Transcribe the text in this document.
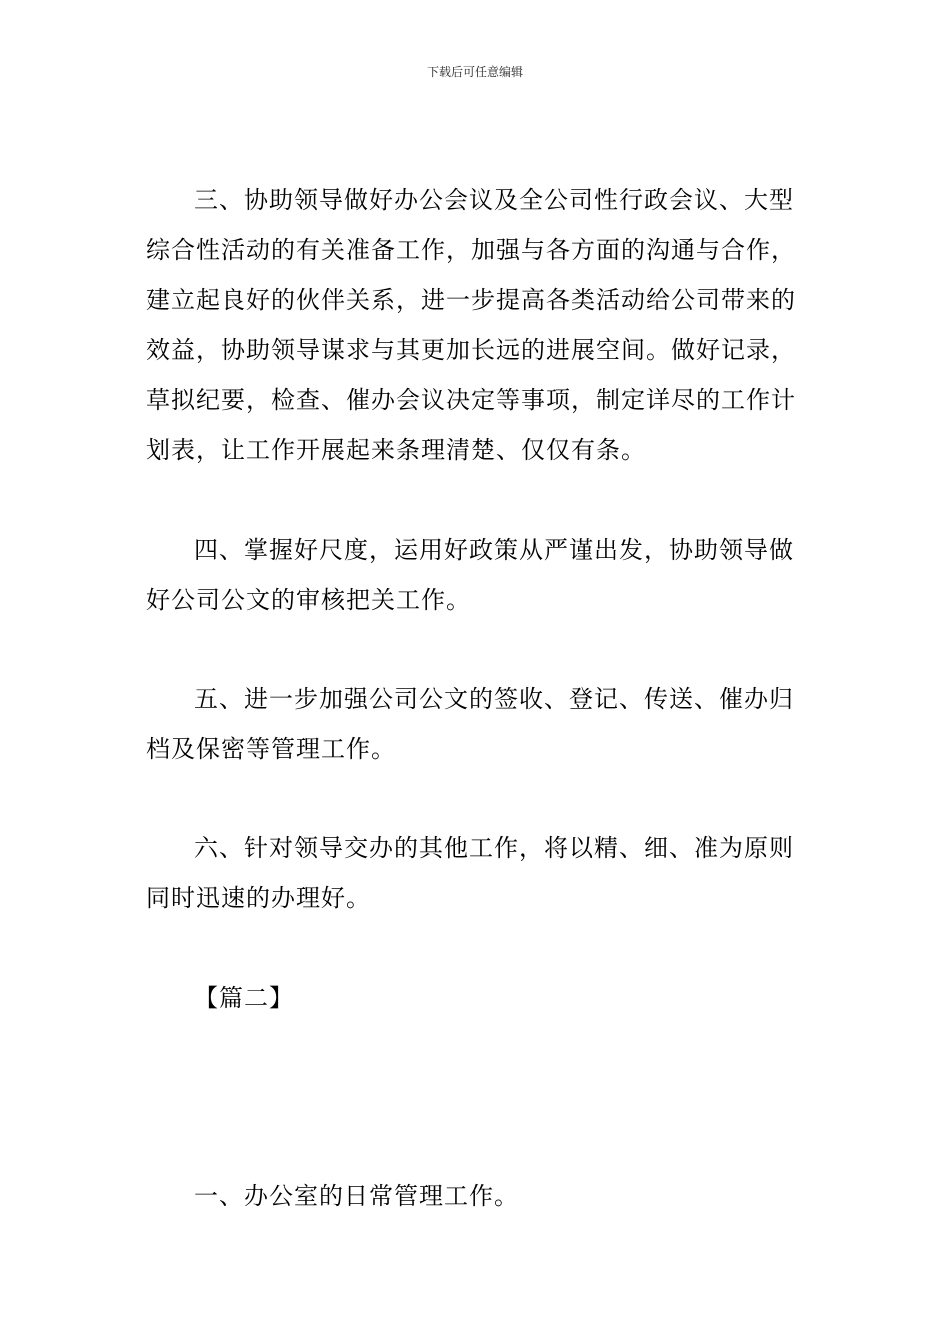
下载后可任意编辑

三、协助领导做好办公会议及全公司性行政会议、大型综合性活动的有关准备工作，加强与各方面的沟通与合作，建立起良好的伙伴关系，进一步提高各类活动给公司带来的效益，协助领导谋求与其更加长远的进展空间。做好记录，草拟纪要，检查、催办会议决定等事项，制定详尽的工作计划表，让工作开展起来条理清楚、仅仅有条。

四、掌握好尺度，运用好政策从严谨出发，协助领导做好公司公文的审核把关工作。

五、进一步加强公司公文的签收、登记、传送、催办归档及保密等管理工作。

六、针对领导交办的其他工作，将以精、细、准为原则同时迅速的办理好。

【篇二】

一、办公室的日常管理工作。
